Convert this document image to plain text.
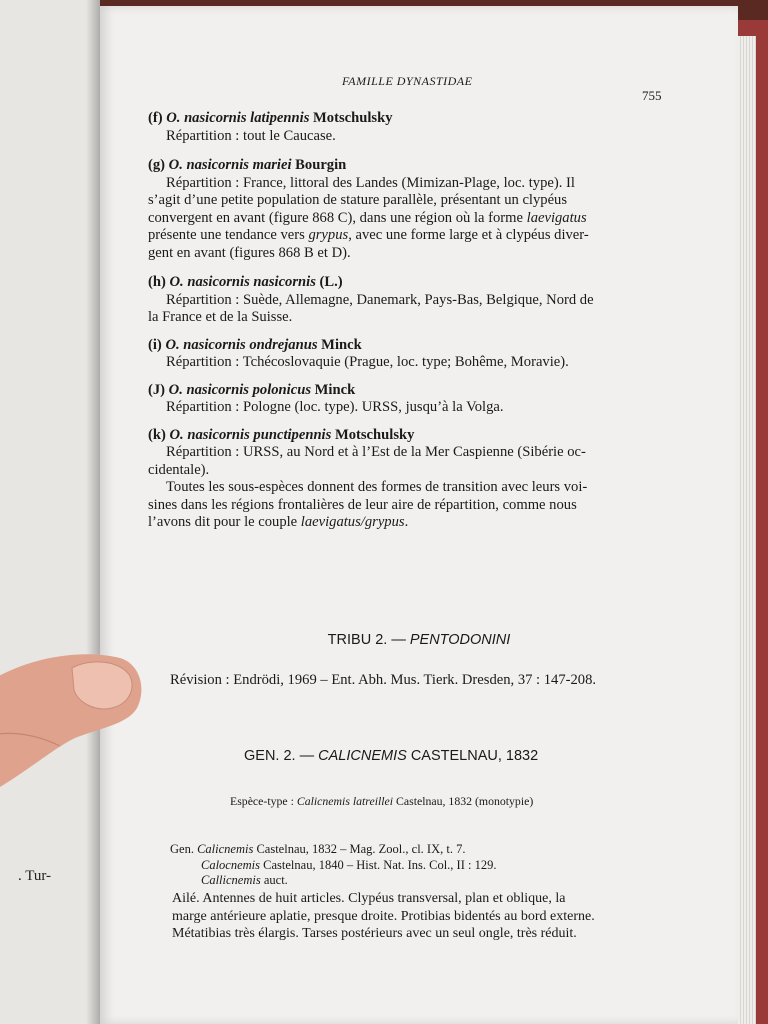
. Tur-
FAMILLE DYNASTIDAE
755
(f) O. nasicornis latipennis Motschulsky
Répartition : tout le Caucase.
(g) O. nasicornis mariei Bourgin
Répartition : France, littoral des Landes (Mimizan-Plage, loc. type). Il
s’agit d’une petite population de stature parallèle, présentant un clypéus
convergent en avant (figure 868 C), dans une région où la forme laevigatus
présente une tendance vers grypus, avec une forme large et à clypéus diver-
gent en avant (figures 868 B et D).
(h) O. nasicornis nasicornis (L.)
Répartition : Suède, Allemagne, Danemark, Pays-Bas, Belgique, Nord de
la France et de la Suisse.
(i) O. nasicornis ondrejanus Minck
Répartition : Tchécoslovaquie (Prague, loc. type; Bohême, Moravie).
(J) O. nasicornis polonicus Minck
Répartition : Pologne (loc. type). URSS, jusqu’à la Volga.
(k) O. nasicornis punctipennis Motschulsky
Répartition : URSS, au Nord et à l’Est de la Mer Caspienne (Sibérie oc-
cidentale).
Toutes les sous-espèces donnent des formes de transition avec leurs voi-
sines dans les régions frontalières de leur aire de répartition, comme nous
l’avons dit pour le couple laevigatus/grypus.
TRIBU 2. — PENTODONINI
Révision : Endrödi, 1969 – Ent. Abh. Mus. Tierk. Dresden, 37 : 147-208.
GEN. 2. — CALICNEMIS CASTELNAU, 1832
Espèce-type : Calicnemis latreillei Castelnau, 1832 (monotypie)
Gen. Calicnemis Castelnau, 1832 – Mag. Zool., cl. IX, t. 7.
Calocnemis Castelnau, 1840 – Hist. Nat. Ins. Col., II : 129.
Callicnemis auct.
Ailé. Antennes de huit articles. Clypéus transversal, plan et oblique, la
marge antérieure aplatie, presque droite. Protibias bidentés au bord externe.
Métatibias très élargis. Tarses postérieurs avec un seul ongle, très réduit.
